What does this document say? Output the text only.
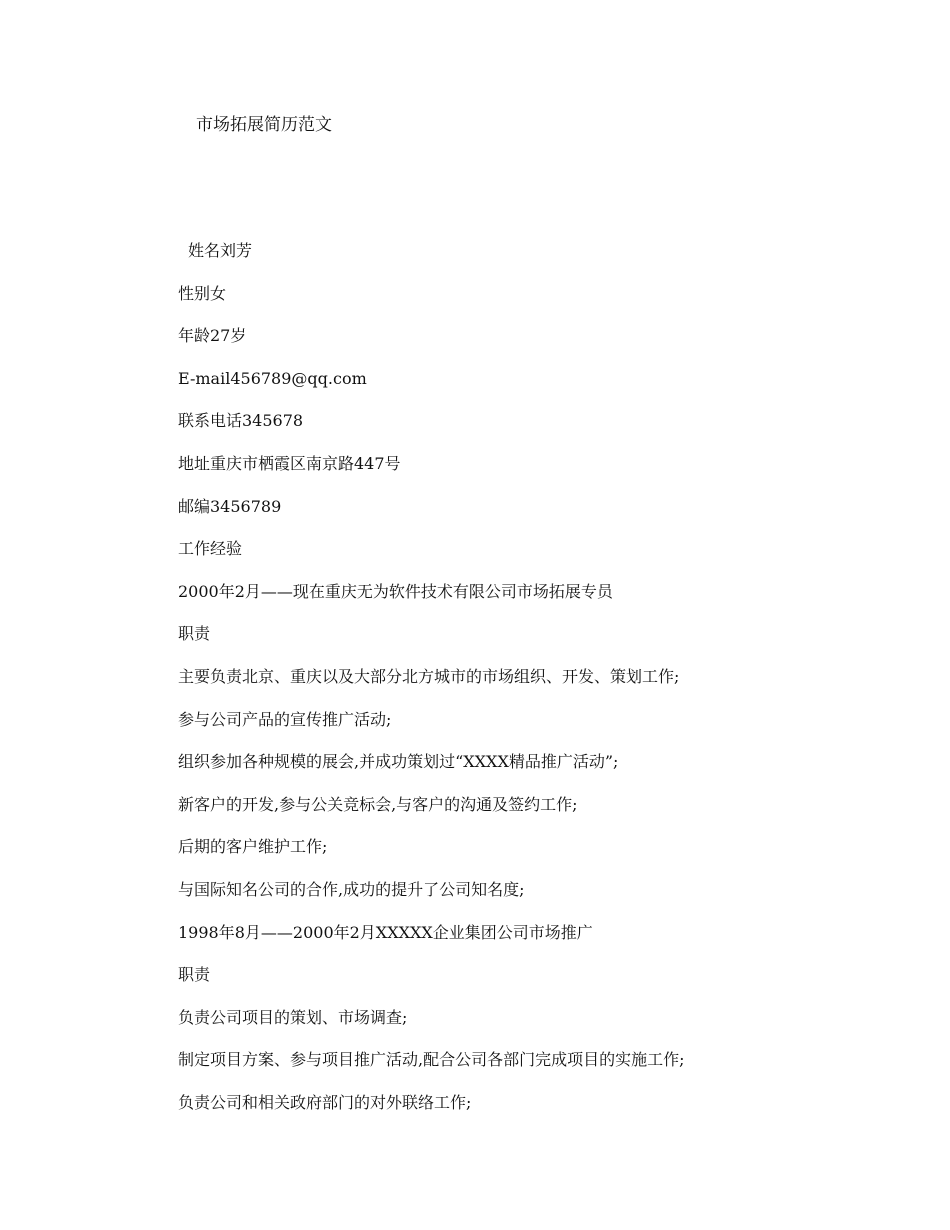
市场拓展简历范文
姓名刘芳
性别女
年龄27岁
E-mail456789@qq.com
联系电话345678
地址重庆市栖霞区南京路447号
邮编3456789
工作经验
2000年2月——现在重庆无为软件技术有限公司市场拓展专员
职责
主要负责北京、重庆以及大部分北方城市的市场组织、开发、策划工作;
参与公司产品的宣传推广活动;
组织参加各种规模的展会,并成功策划过“XXXX精品推广活动”;
新客户的开发,参与公关竞标会,与客户的沟通及签约工作;
后期的客户维护工作;
与国际知名公司的合作,成功的提升了公司知名度;
1998年8月——2000年2月XXXXX企业集团公司市场推广
职责
负责公司项目的策划、市场调查;
制定项目方案、参与项目推广活动,配合公司各部门完成项目的实施工作;
负责公司和相关政府部门的对外联络工作;
